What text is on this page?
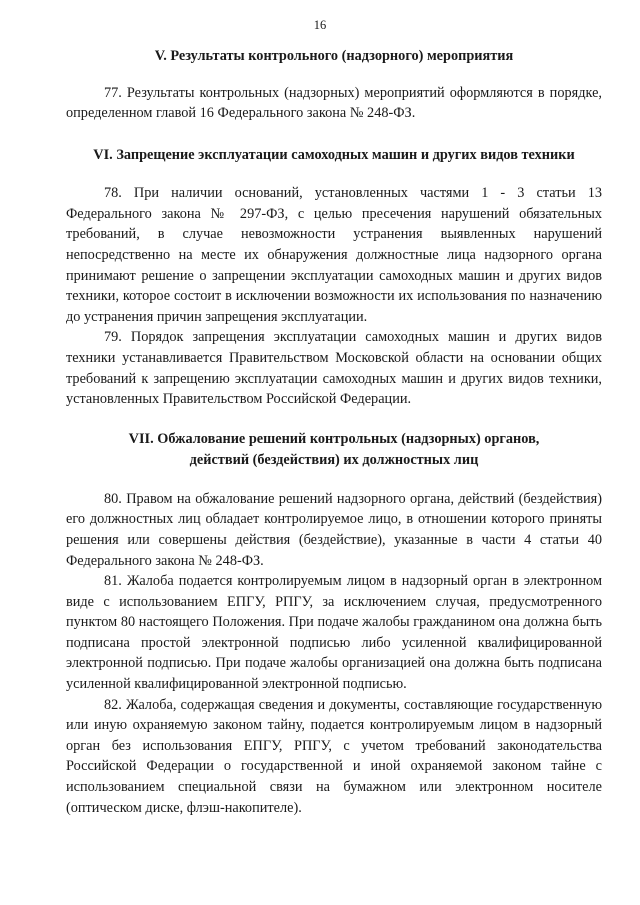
16

V. Результаты контрольного (надзорного) мероприятия

77. Результаты контрольных (надзорных) мероприятий оформляются в порядке, определенном главой 16 Федерального закона № 248-ФЗ.

VI. Запрещение эксплуатации самоходных машин и других видов техники

78. При наличии оснований, установленных частями 1 - 3 статьи 13 Федерального закона № 297-ФЗ, с целью пресечения нарушений обязательных требований, в случае невозможности устранения выявленных нарушений непосредственно на месте их обнаружения должностные лица надзорного органа принимают решение о запрещении эксплуатации самоходных машин и других видов техники, которое состоит в исключении возможности их использования по назначению до устранения причин запрещения эксплуатации.

79. Порядок запрещения эксплуатации самоходных машин и других видов техники устанавливается Правительством Московской области на основании общих требований к запрещению эксплуатации самоходных машин и других видов техники, установленных Правительством Российской Федерации.

VII. Обжалование решений контрольных (надзорных) органов,

действий (бездействия) их должностных лиц

80. Правом на обжалование решений надзорного органа, действий (бездействия) его должностных лиц обладает контролируемое лицо, в отношении которого приняты решения или совершены действия (бездействие), указанные в части 4 статьи 40 Федерального закона № 248-ФЗ.

81. Жалоба подается контролируемым лицом в надзорный орган в электронном виде с использованием ЕПГУ, РПГУ, за исключением случая, предусмотренного пунктом 80 настоящего Положения. При подаче жалобы гражданином она должна быть подписана простой электронной подписью либо усиленной квалифицированной электронной подписью. При подаче жалобы организацией она должна быть подписана усиленной квалифицированной электронной подписью.

82. Жалоба, содержащая сведения и документы, составляющие государственную или иную охраняемую законом тайну, подается контролируемым лицом в надзорный орган без использования ЕПГУ, РПГУ, с учетом требований законодательства Российской Федерации о государственной и иной охраняемой законом тайне с использованием специальной связи на бумажном или электронном носителе (оптическом диске, флэш-накопителе).
